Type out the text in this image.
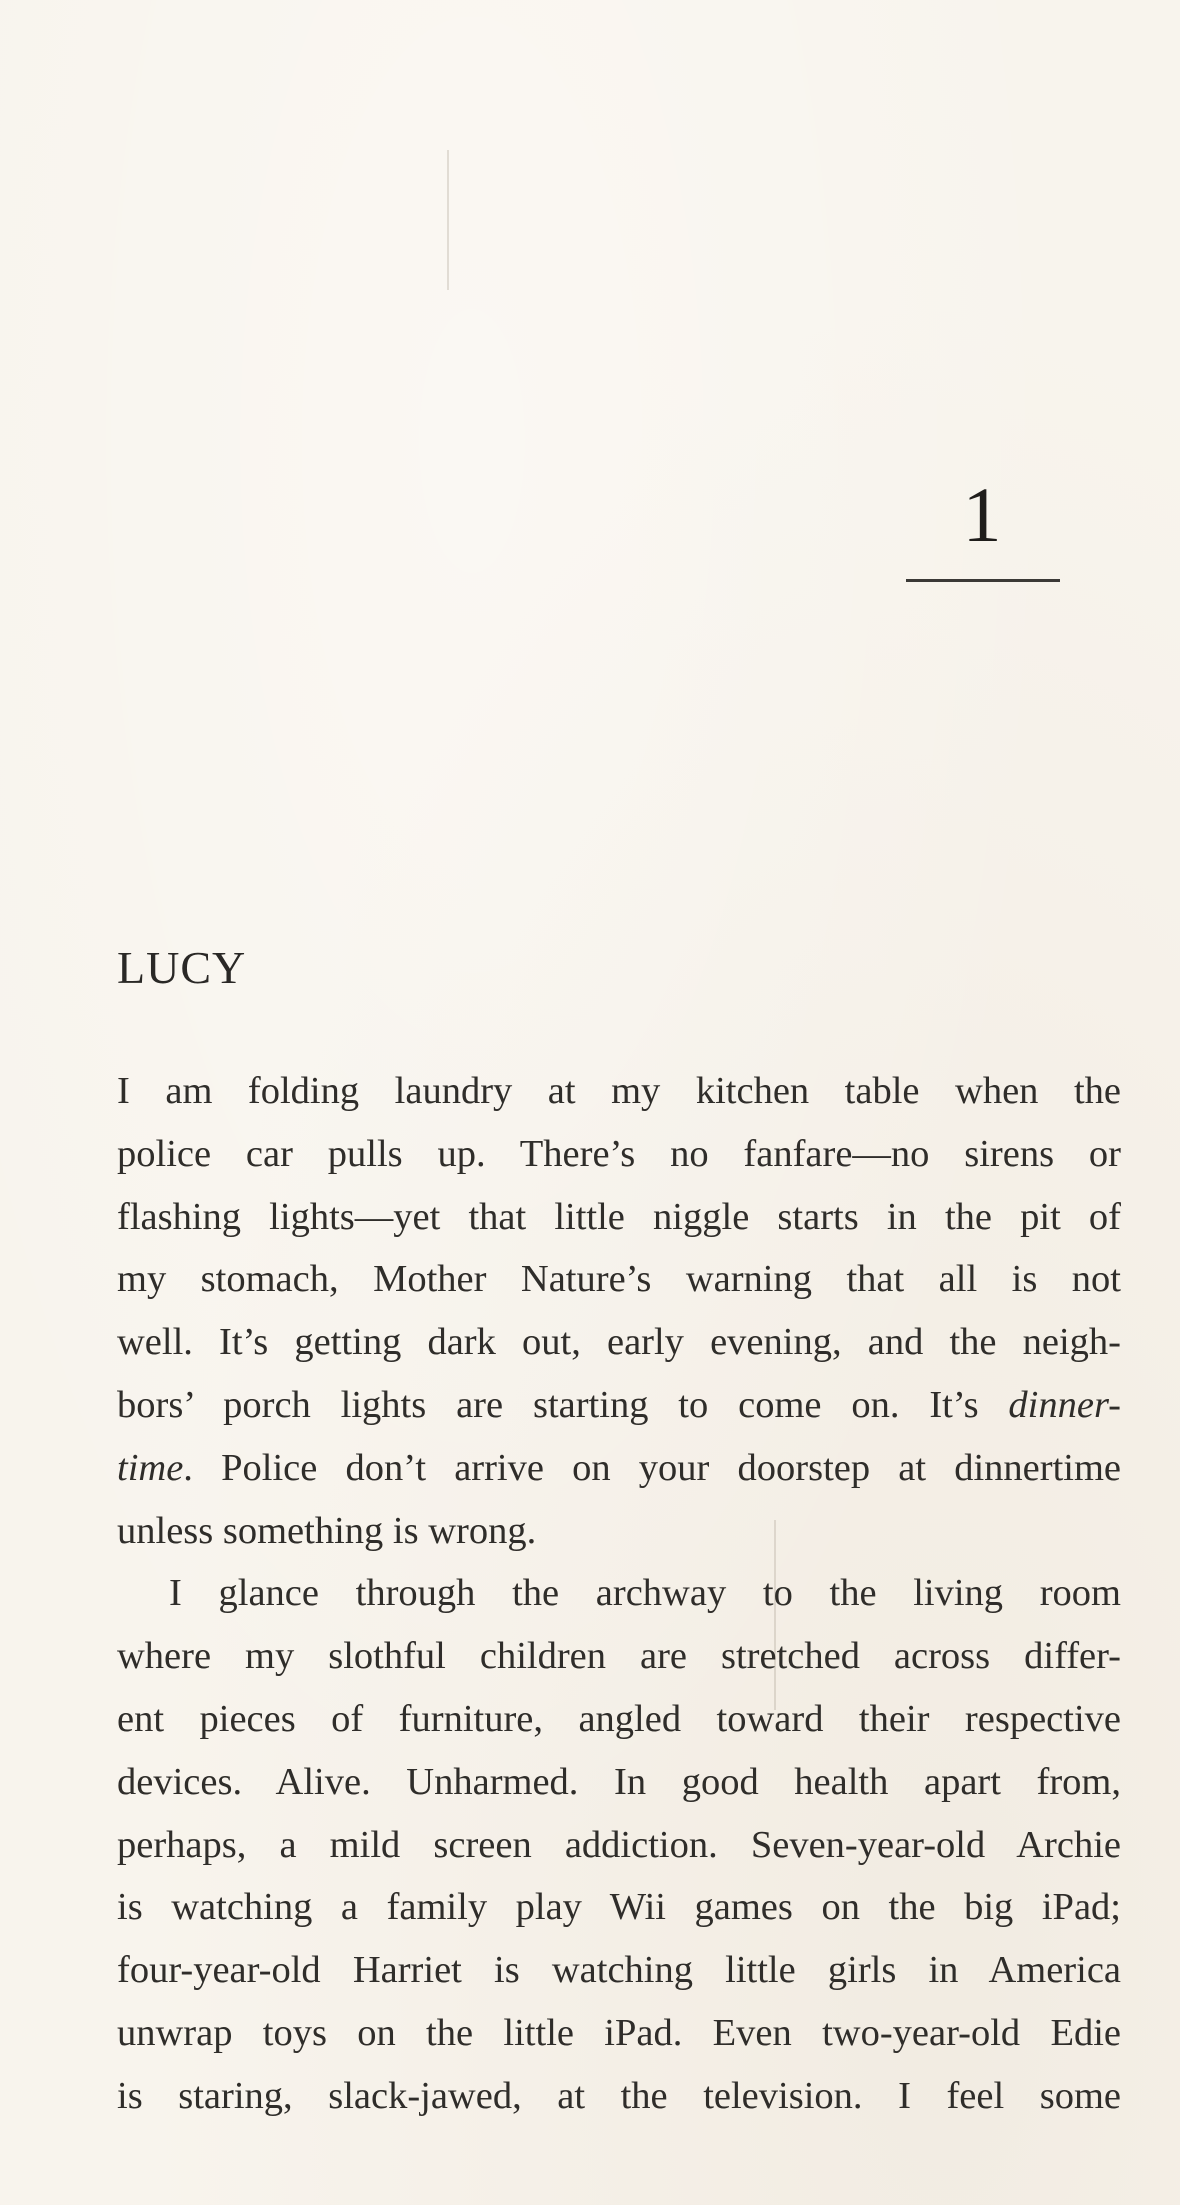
1
LUCY
I am folding laundry at my kitchen table when the
police car pulls up. There’s no fanfare—no sirens or
flashing lights—yet that little niggle starts in the pit of
my stomach, Mother Nature’s warning that all is not
well. It’s getting dark out, early evening, and the neigh-
bors’ porch lights are starting to come on. It’s dinner-
time. Police don’t arrive on your doorstep at dinnertime
unless something is wrong.
I glance through the archway to the living room
where my slothful children are stretched across differ-
ent pieces of furniture, angled toward their respective
devices. Alive. Unharmed. In good health apart from,
perhaps, a mild screen addiction. Seven-year-old Archie
is watching a family play Wii games on the big iPad;
four-year-old Harriet is watching little girls in America
unwrap toys on the little iPad. Even two-year-old Edie
is staring, slack-jawed, at the television. I feel some
